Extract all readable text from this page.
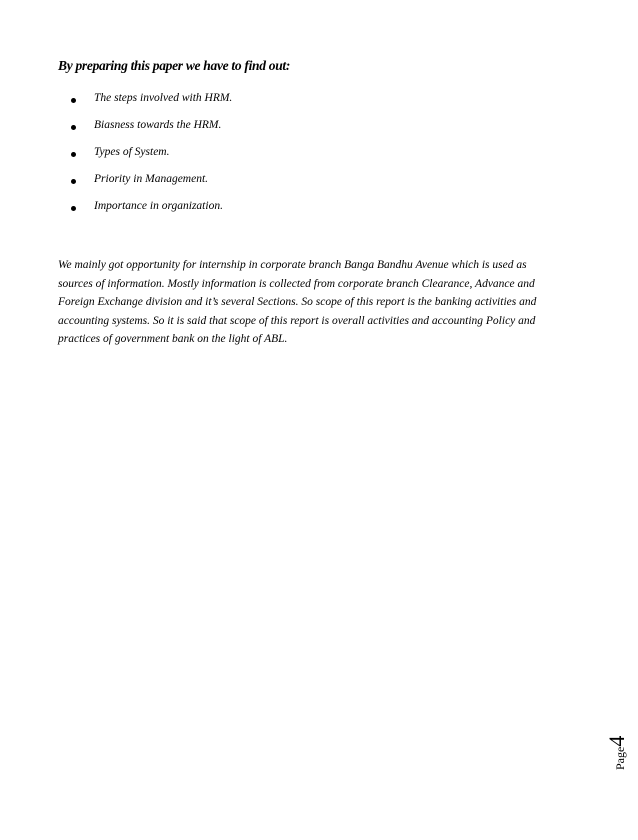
By preparing this paper we have to find out:
The steps involved with HRM.
Biasness towards the HRM.
Types of System.
Priority in Management.
Importance in organization.
We mainly got opportunity for internship in corporate branch Banga Bandhu Avenue which is used as
sources of information. Mostly information is collected from corporate branch Clearance, Advance and
Foreign Exchange division and it’s several Sections. So scope of this report is the banking activities and
accounting systems. So it is said that scope of this report is overall activities and accounting Policy and
practices of government bank on the light of ABL.
Page4
